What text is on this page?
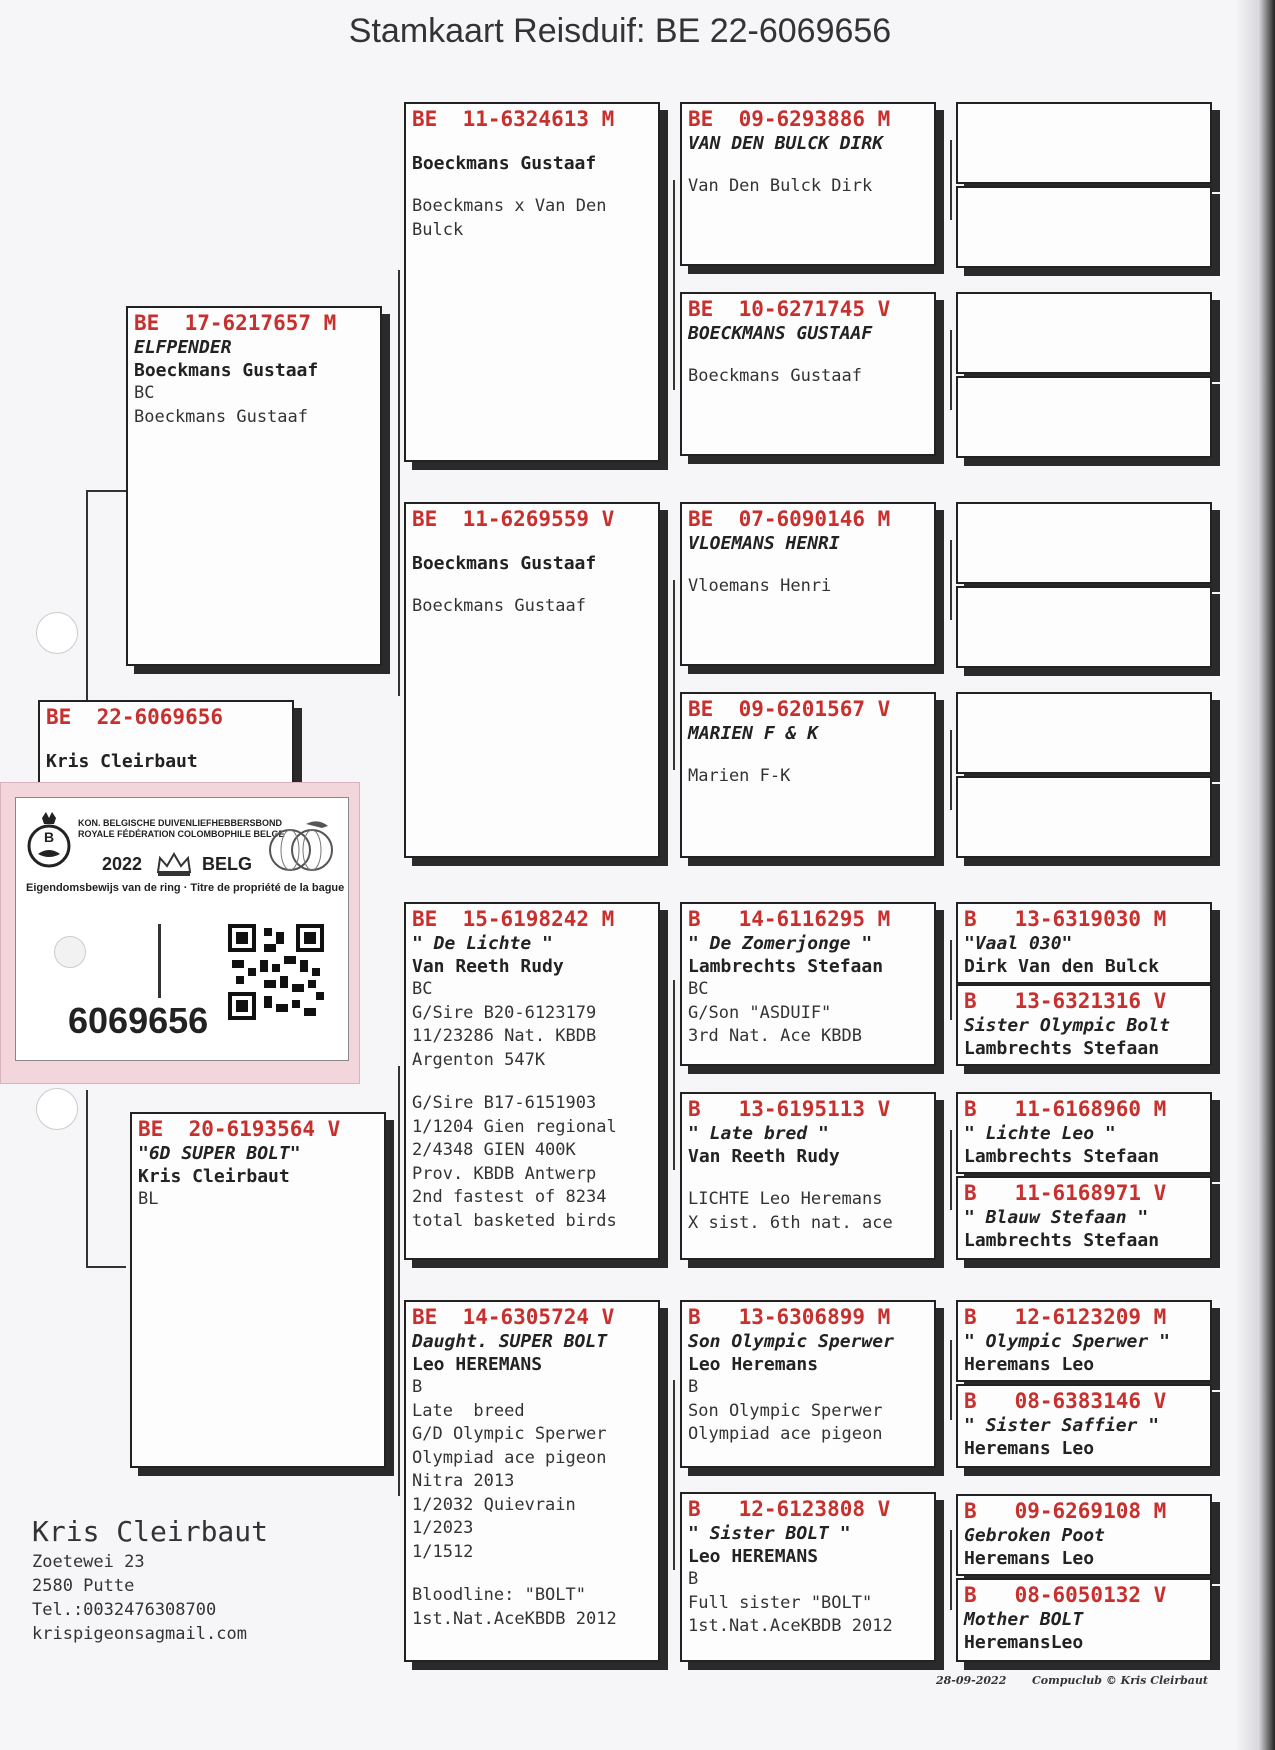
Stamkaart Reisduif: BE 22-6069656
BE  22-6069656
Kris Cleirbaut
BE  17-6217657 M
ELFPENDER
Boeckmans Gustaaf
BC
Boeckmans Gustaaf
BE  20-6193564 V
"6D SUPER BOLT"
Kris Cleirbaut
BL
BE  11-6324613 M
Boeckmans Gustaaf
Boeckmans x Van Den
Bulck
BE  11-6269559 V
Boeckmans Gustaaf
Boeckmans Gustaaf
BE  15-6198242 M
" De Lichte "
Van Reeth Rudy
BC
G/Sire B20-6123179
11/23286 Nat. KBDB
Argenton 547K
G/Sire B17-6151903
1/1204 Gien regional
2/4348 GIEN 400K
Prov. KBDB Antwerp
2nd fastest of 8234
total basketed birds
BE  14-6305724 V
Daught. SUPER BOLT
Leo HEREMANS
B
Late  breed
G/D Olympic Sperwer
Olympiad ace pigeon
Nitra 2013
1/2032 Quievrain
1/2023
1/1512
Bloodline: "BOLT"
1st.Nat.AceKBDB 2012
BE  09-6293886 M
VAN DEN BULCK DIRK
Van Den Bulck Dirk
BE  10-6271745 V
BOECKMANS GUSTAAF
Boeckmans Gustaaf
BE  07-6090146 M
VLOEMANS HENRI
Vloemans Henri
BE  09-6201567 V
MARIEN F & K
Marien F-K
B   14-6116295 M
" De Zomerjonge "
Lambrechts Stefaan
BC
G/Son "ASDUIF"
3rd Nat. Ace KBDB
B   13-6195113 V
" Late bred "
Van Reeth Rudy
LICHTE Leo Heremans
X sist. 6th nat. ace
B   13-6306899 M
Son Olympic Sperwer
Leo Heremans
B
Son Olympic Sperwer
Olympiad ace pigeon
B   12-6123808 V
" Sister BOLT "
Leo HEREMANS
B
Full sister "BOLT"
1st.Nat.AceKBDB 2012
B   13-6319030 M
"Vaal 030"
Dirk Van den Bulck
B   13-6321316 V
Sister Olympic Bolt
Lambrechts Stefaan
B   11-6168960 M
" Lichte Leo "
Lambrechts Stefaan
B   11-6168971 V
" Blauw Stefaan "
Lambrechts Stefaan
B   12-6123209 M
" Olympic Sperwer "
Heremans Leo
B   08-6383146 V
" Sister Saffier "
Heremans Leo
B   09-6269108 M
Gebroken Poot
Heremans Leo
B   08-6050132 V
Mother BOLT
HeremansLeo
B
KON. BELGISCHE DUIVENLIEFHEBBERSBOND
ROYALE FÉDÉRATION COLOMBOPHILE BELGE
2022	BELG
Eigendomsbewijs van de ring · Titre de propriété de la bague
6069656
Kris Cleirbaut
Zoetewei 23
2580 Putte
Tel.:0032476308700
krispigeonsagmail.com
28-09-2022 Compuclub © Kris Cleirbaut
